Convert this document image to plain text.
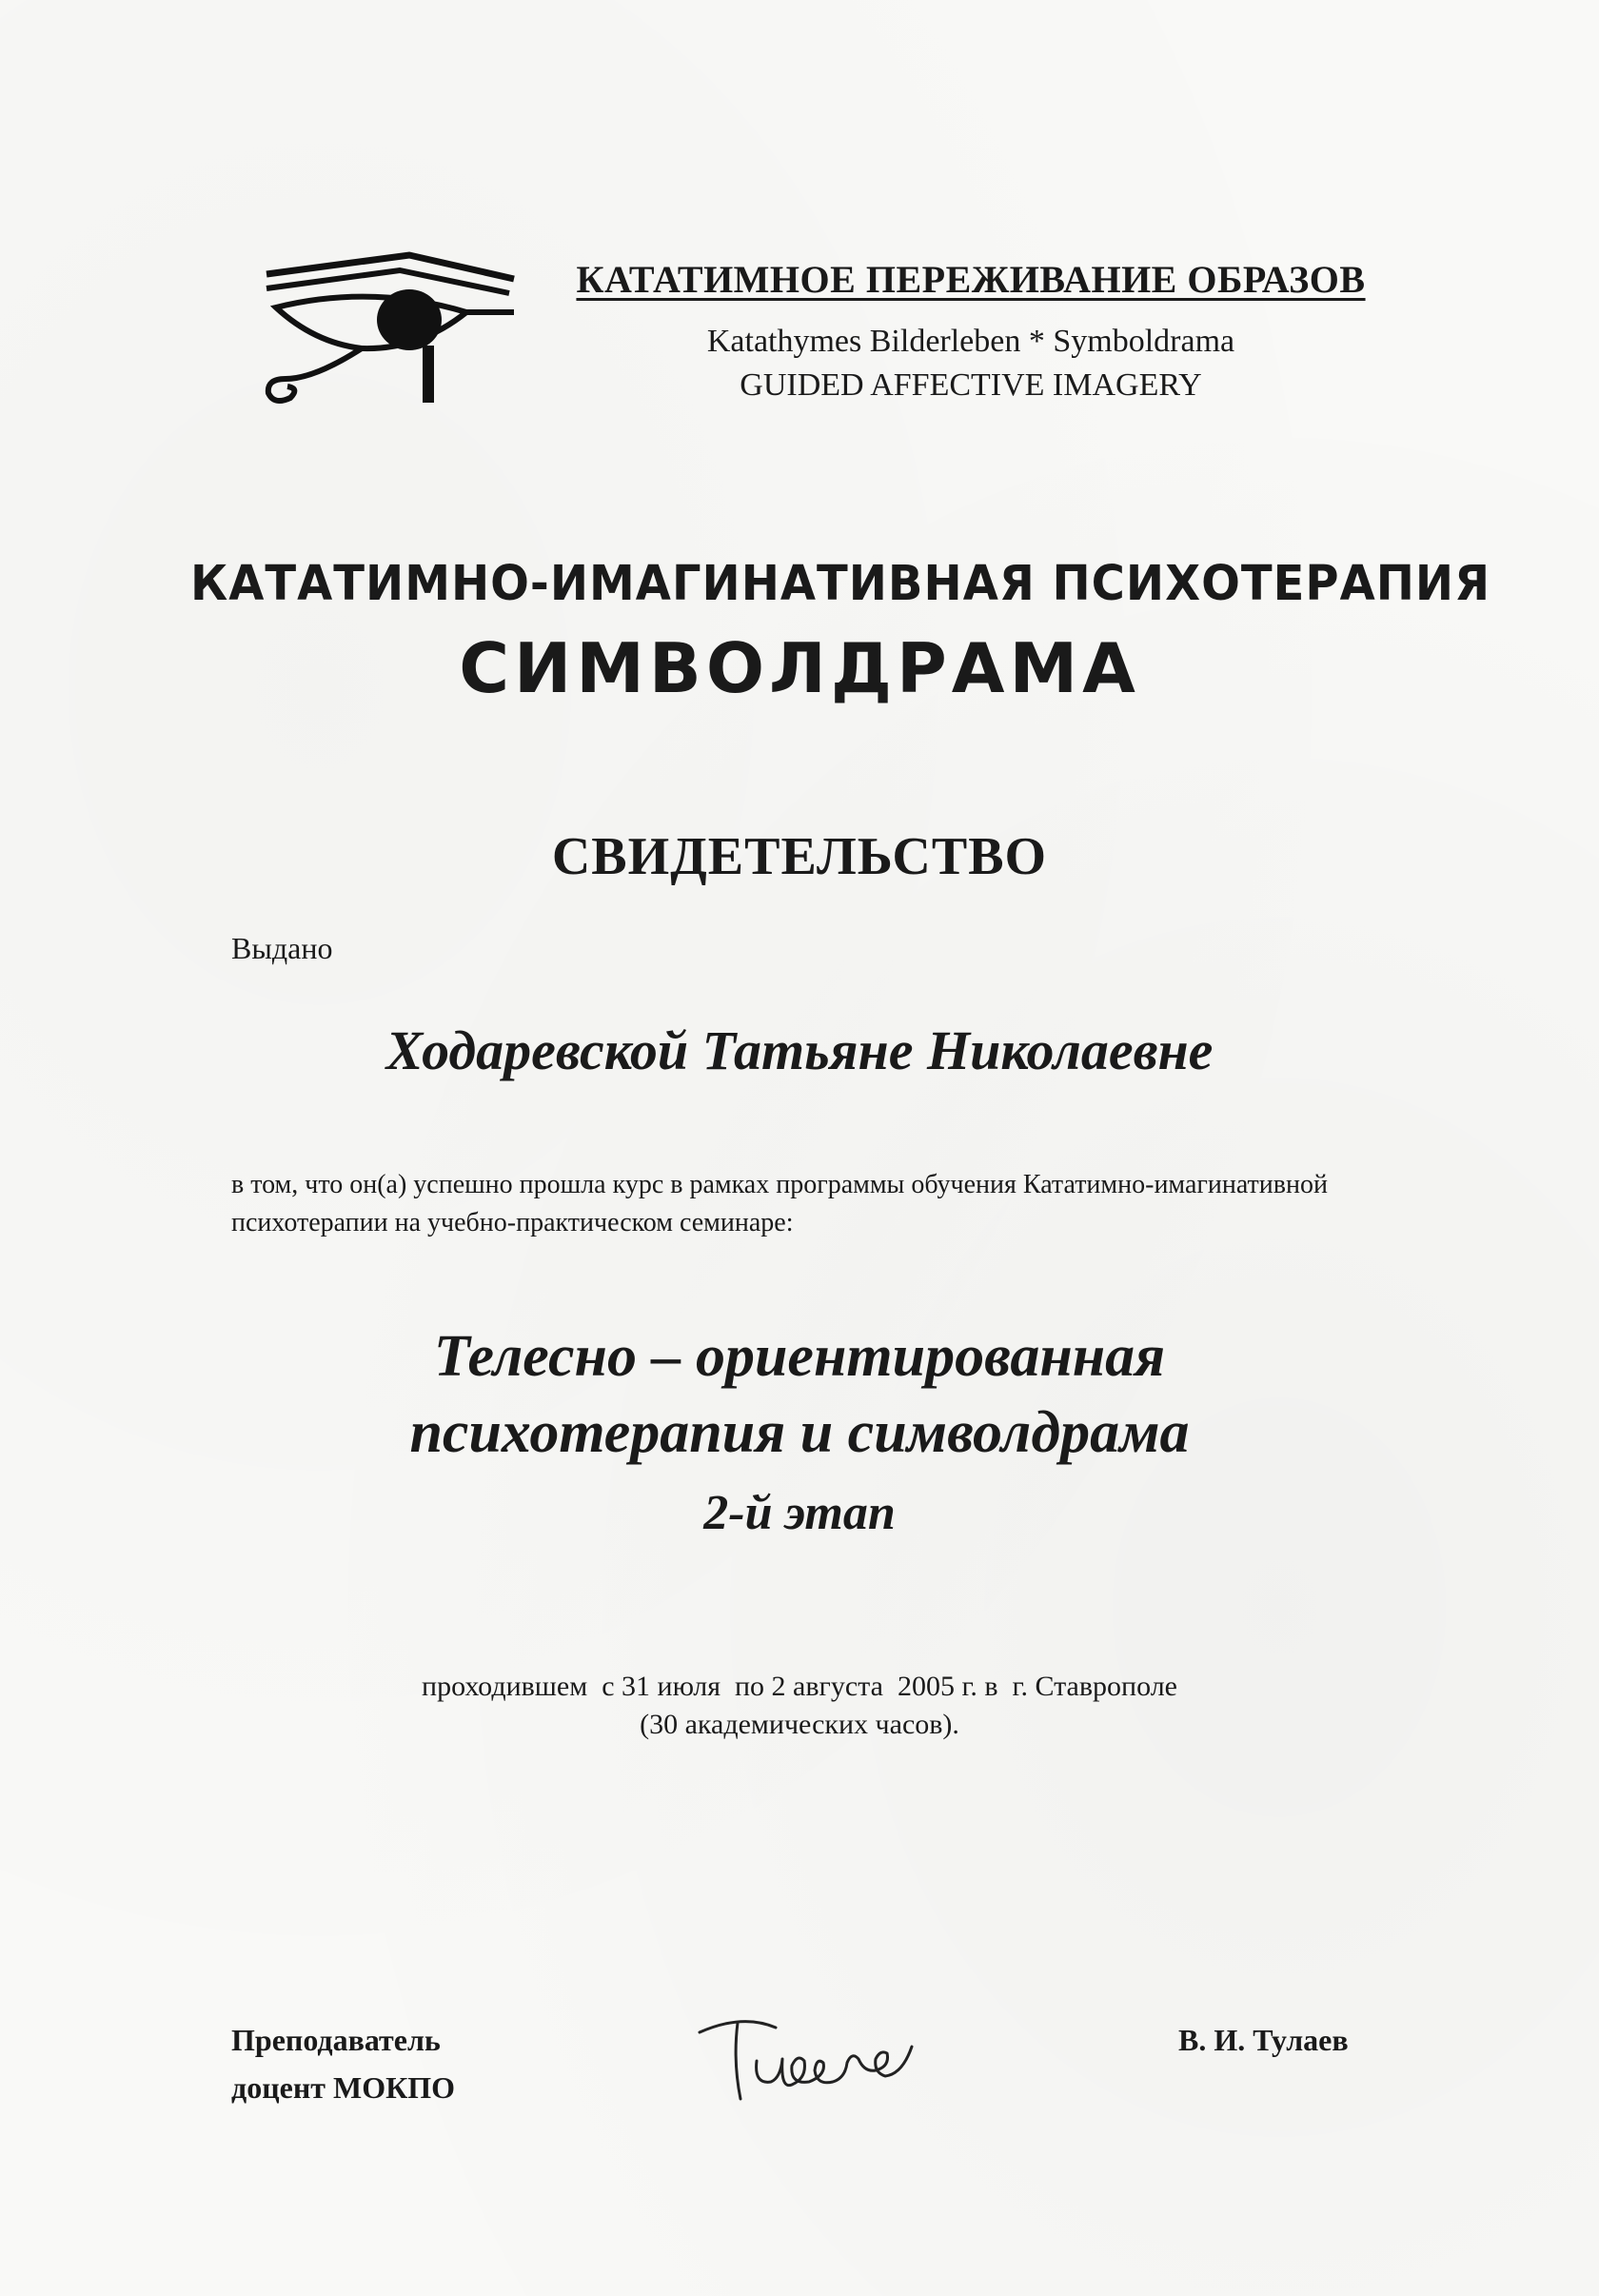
КАТАТИМНОЕ ПЕРЕЖИВАНИЕ ОБРАЗОВ
Katathymes Bilderleben * Symboldrama
GUIDED AFFECTIVE IMAGERY
КАТАТИМНО-ИМАГИНАТИВНАЯ ПСИХОТЕРАПИЯ
СИМВОЛДРАМА
СВИДЕТЕЛЬСТВО
Выдано
Ходаревской Татьяне Николаевне
в том, что он(а) успешно прошла курс в рамках программы обучения Кататимно-имагинативной психотерапии на учебно-практическом семинаре:
Телесно – ориентированная
психотерапия и символдрама
2-й этап
проходившем  с 31 июля  по 2 августа  2005 г. в  г. Ставрополе
(30 академических часов).
Преподаватель
доцент МОКПО
В. И. Тулаев
